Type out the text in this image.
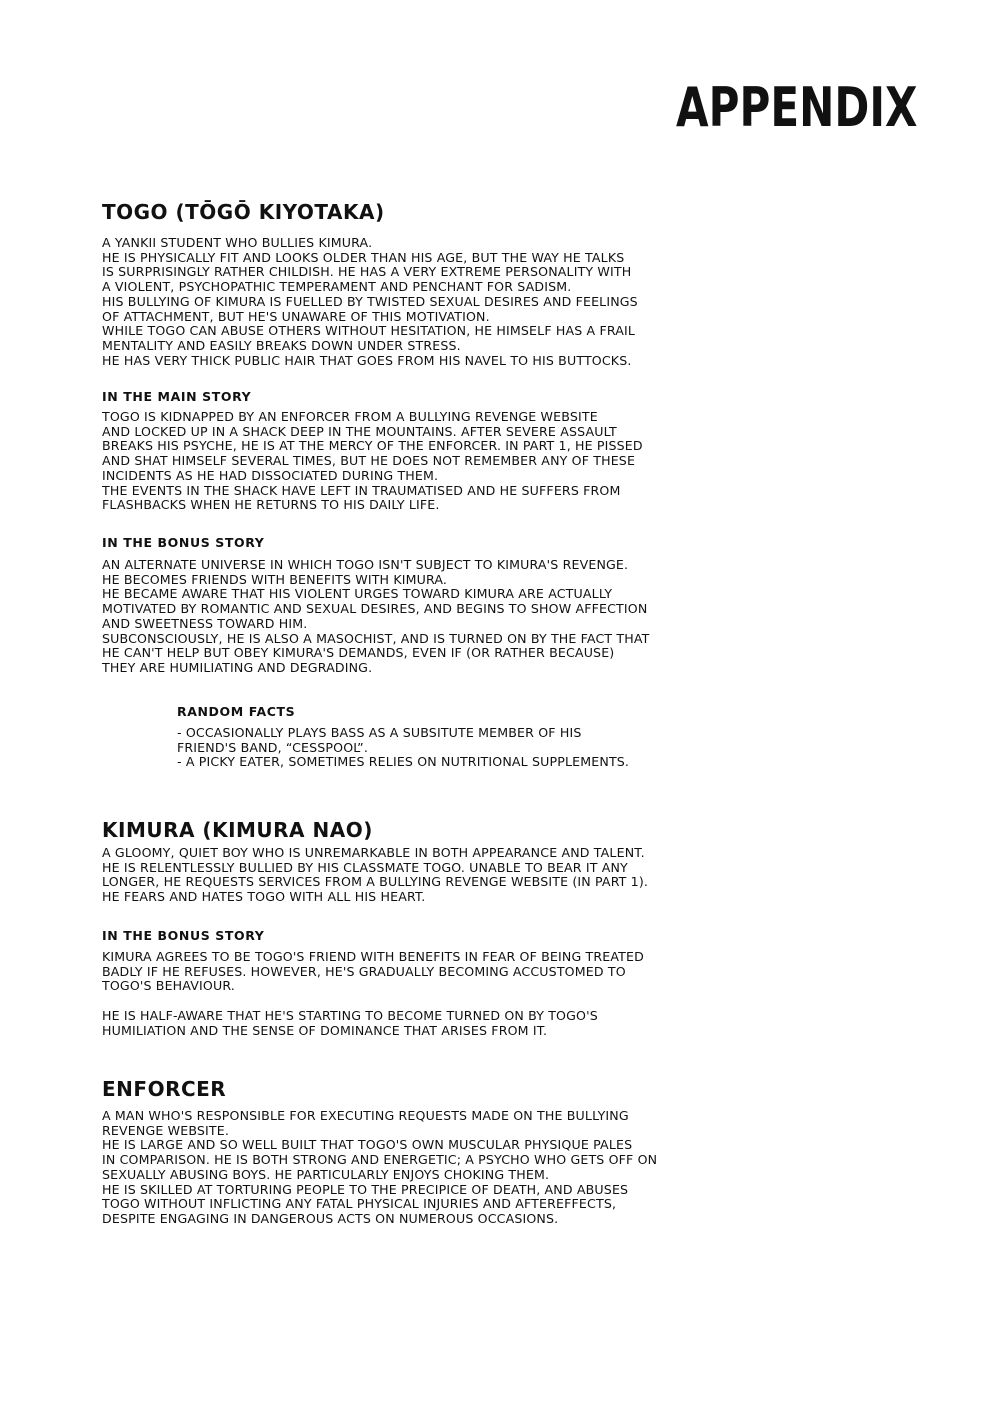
APPENDIX
TOGO (TŌGŌ KIYOTAKA)
A YANKII STUDENT WHO BULLIES KIMURA.
HE IS PHYSICALLY FIT AND LOOKS OLDER THAN HIS AGE, BUT THE WAY HE TALKS
IS SURPRISINGLY RATHER CHILDISH. HE HAS A VERY EXTREME PERSONALITY WITH
A VIOLENT, PSYCHOPATHIC TEMPERAMENT AND PENCHANT FOR SADISM.
HIS BULLYING OF KIMURA IS FUELLED BY TWISTED SEXUAL DESIRES AND FEELINGS
OF ATTACHMENT, BUT HE'S UNAWARE OF THIS MOTIVATION.
WHILE TOGO CAN ABUSE OTHERS WITHOUT HESITATION, HE HIMSELF HAS A FRAIL
MENTALITY AND EASILY BREAKS DOWN UNDER STRESS.
HE HAS VERY THICK PUBLIC HAIR THAT GOES FROM HIS NAVEL TO HIS BUTTOCKS.
IN THE MAIN STORY
TOGO IS KIDNAPPED BY AN ENFORCER FROM A BULLYING REVENGE WEBSITE
AND LOCKED UP IN A SHACK DEEP IN THE MOUNTAINS. AFTER SEVERE ASSAULT
BREAKS HIS PSYCHE, HE IS AT THE MERCY OF THE ENFORCER. IN PART 1, HE PISSED
AND SHAT HIMSELF SEVERAL TIMES, BUT HE DOES NOT REMEMBER ANY OF THESE
INCIDENTS AS HE HAD DISSOCIATED DURING THEM.
THE EVENTS IN THE SHACK HAVE LEFT IN TRAUMATISED AND HE SUFFERS FROM
FLASHBACKS WHEN HE RETURNS TO HIS DAILY LIFE.
IN THE BONUS STORY
AN ALTERNATE UNIVERSE IN WHICH TOGO ISN'T SUBJECT TO KIMURA'S REVENGE.
HE BECOMES FRIENDS WITH BENEFITS WITH KIMURA.
HE BECAME AWARE THAT HIS VIOLENT URGES TOWARD KIMURA ARE ACTUALLY
MOTIVATED BY ROMANTIC AND SEXUAL DESIRES, AND BEGINS TO SHOW AFFECTION
AND SWEETNESS TOWARD HIM.
SUBCONSCIOUSLY, HE IS ALSO A MASOCHIST, AND IS TURNED ON BY THE FACT THAT
HE CAN'T HELP BUT OBEY KIMURA'S DEMANDS, EVEN IF (OR RATHER BECAUSE)
THEY ARE HUMILIATING AND DEGRADING.
RANDOM FACTS
- OCCASIONALLY PLAYS BASS AS A SUBSITUTE MEMBER OF HIS
FRIEND'S BAND, “CESSPOOL”.
- A PICKY EATER, SOMETIMES RELIES ON NUTRITIONAL SUPPLEMENTS.
KIMURA (KIMURA NAO)
A GLOOMY, QUIET BOY WHO IS UNREMARKABLE IN BOTH APPEARANCE AND TALENT.
HE IS RELENTLESSLY BULLIED BY HIS CLASSMATE TOGO. UNABLE TO BEAR IT ANY
LONGER, HE REQUESTS SERVICES FROM A BULLYING REVENGE WEBSITE (IN PART 1).
HE FEARS AND HATES TOGO WITH ALL HIS HEART.
IN THE BONUS STORY
KIMURA AGREES TO BE TOGO'S FRIEND WITH BENEFITS IN FEAR OF BEING TREATED
BADLY IF HE REFUSES. HOWEVER, HE'S GRADUALLY BECOMING ACCUSTOMED TO
TOGO'S BEHAVIOUR.
HE IS HALF-AWARE THAT HE'S STARTING TO BECOME TURNED ON BY TOGO'S
HUMILIATION AND THE SENSE OF DOMINANCE THAT ARISES FROM IT.
ENFORCER
A MAN WHO'S RESPONSIBLE FOR EXECUTING REQUESTS MADE ON THE BULLYING
REVENGE WEBSITE.
HE IS LARGE AND SO WELL BUILT THAT TOGO'S OWN MUSCULAR PHYSIQUE PALES
IN COMPARISON. HE IS BOTH STRONG AND ENERGETIC; A PSYCHO WHO GETS OFF ON
SEXUALLY ABUSING BOYS. HE PARTICULARLY ENJOYS CHOKING THEM.
HE IS SKILLED AT TORTURING PEOPLE TO THE PRECIPICE OF DEATH, AND ABUSES
TOGO WITHOUT INFLICTING ANY FATAL PHYSICAL INJURIES AND AFTEREFFECTS,
DESPITE ENGAGING IN DANGEROUS ACTS ON NUMEROUS OCCASIONS.
